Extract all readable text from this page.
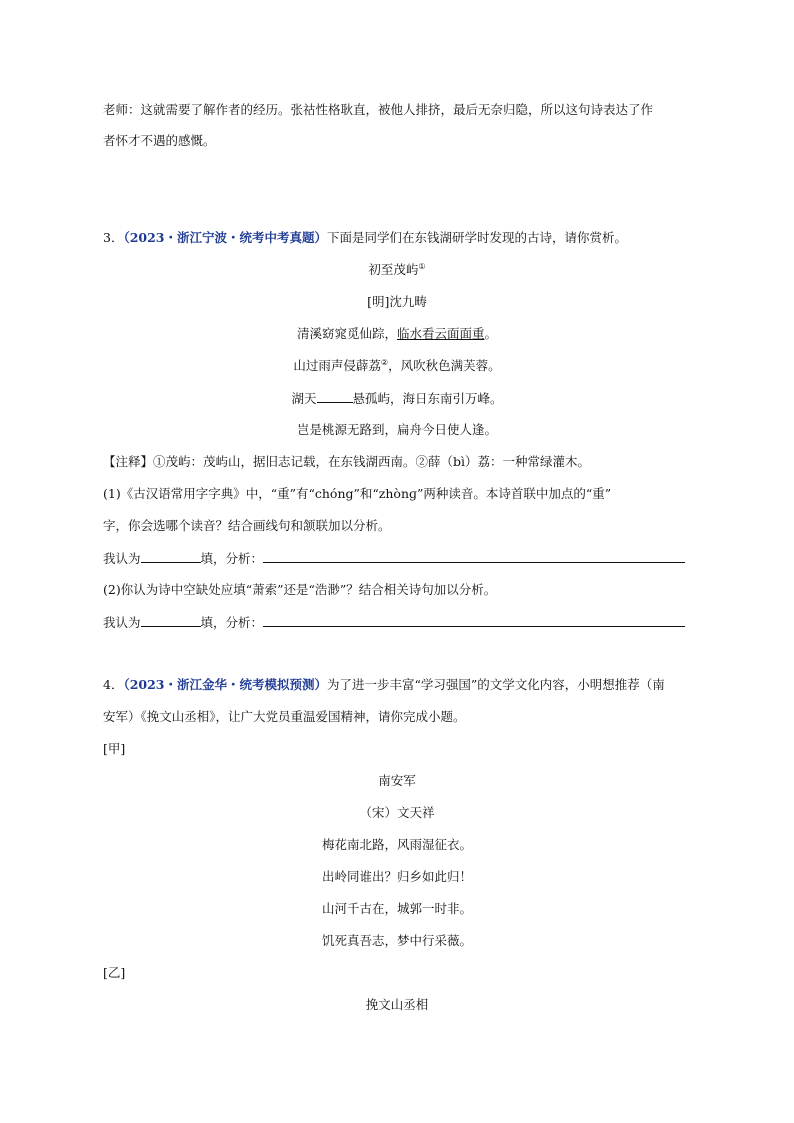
老师：这就需要了解作者的经历。张祜性格耿直，被他人排挤，最后无奈归隐，所以这句诗表达了作
者怀才不遇的感慨。
3．（2023・浙江宁波・统考中考真题）下面是同学们在东钱湖研学时发现的古诗，请你赏析。
初至茂屿①
[明]沈九畴
清溪窈窕觅仙踪，临水看云面面重。
山过雨声侵薜荔②，风吹秋色满芙蓉。
湖天	悬孤屿，海日东南引万峰。
岂是桃源无路到，扁舟今日使人逢。
【注释】①茂屿：茂屿山，据旧志记载，在东钱湖西南。②薛（bì）荔：一种常绿灌木。
(1)《古汉语常用字字典》中，“重”有“chóng”和“zhònɡ”两种读音。本诗首联中加点的“重”
字，你会选哪个读音？结合画线句和颔联加以分析。
我认为	填，分析：
(2)你认为诗中空缺处应填“萧索”还是“浩渺”？结合相关诗句加以分析。
我认为	填，分析：
4．（2023・浙江金华・统考模拟预测）为了进一步丰富“学习强国”的文学文化内容，小明想推荐（南
安军）《挽文山丞相》，让广大党员重温爱国精神，请你完成小题。
[甲]
南安军
（宋）文天祥
梅花南北路，风雨湿征衣。
出岭同谁出？归乡如此归！
山河千古在，城郭一时非。
饥死真吾志，梦中行采薇。
[乙]
挽文山丞相
